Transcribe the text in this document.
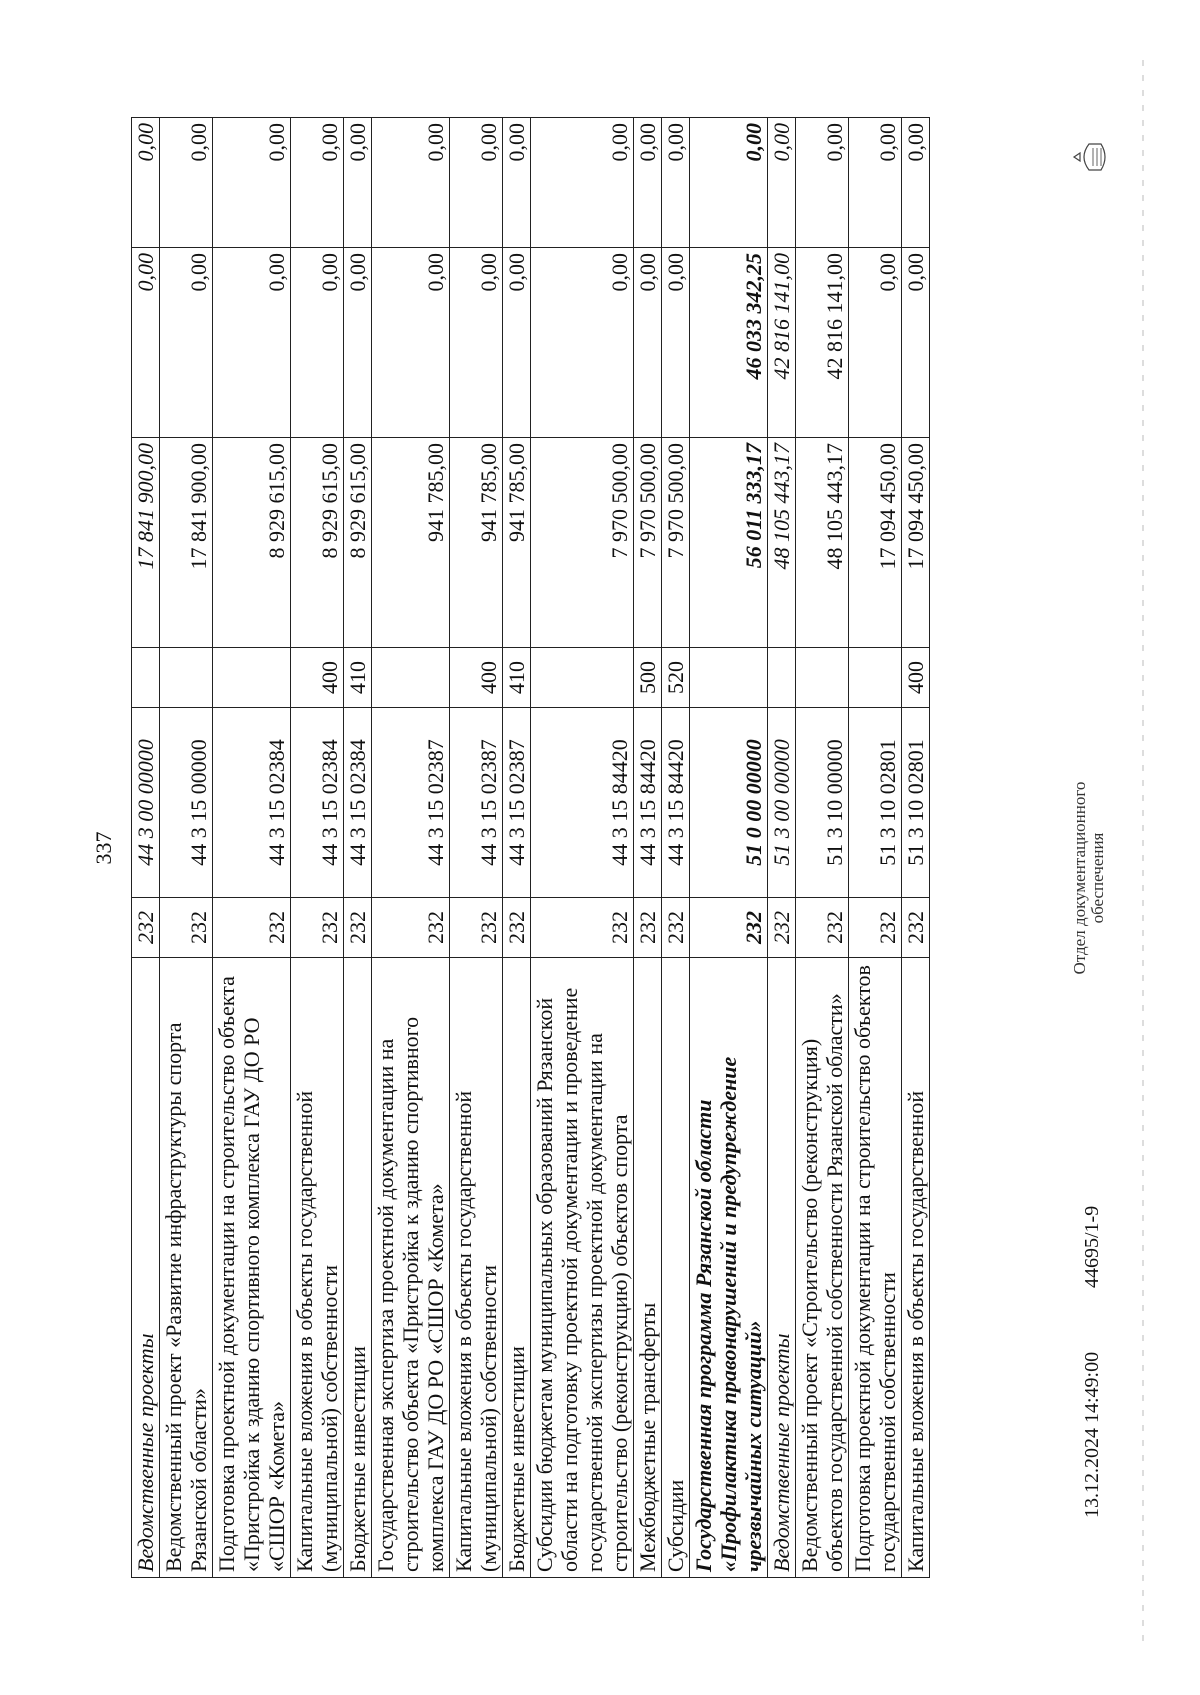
337
Ведомственные проекты	232	44 3 00 00000		17 841 900,00	0,00	0,00
Ведомственный проект «Развитие инфраструктуры спорта Рязанской области»	232	44 3 15 00000		17 841 900,00	0,00	0,00
Подготовка проектной документации на строительство объекта «Пристройка к зданию спортивного комплекса ГАУ ДО РО «СШОР «Комета»	232	44 3 15 02384		8 929 615,00	0,00	0,00
Капитальные вложения в объекты государственной (муниципальной) собственности	232	44 3 15 02384	400	8 929 615,00	0,00	0,00
Бюджетные инвестиции	232	44 3 15 02384	410	8 929 615,00	0,00	0,00
Государственная экспертиза проектной документации на строительство объекта «Пристройка к зданию спортивного комплекса ГАУ ДО РО «СШОР «Комета»	232	44 3 15 02387		941 785,00	0,00	0,00
Капитальные вложения в объекты государственной (муниципальной) собственности	232	44 3 15 02387	400	941 785,00	0,00	0,00
Бюджетные инвестиции	232	44 3 15 02387	410	941 785,00	0,00	0,00
Субсидии бюджетам муниципальных образований Рязанской области на подготовку проектной документации и проведение государственной экспертизы проектной документации на строительство (реконструкцию) объектов спорта	232	44 3 15 84420		7 970 500,00	0,00	0,00
Межбюджетные трансферты	232	44 3 15 84420	500	7 970 500,00	0,00	0,00
Субсидии	232	44 3 15 84420	520	7 970 500,00	0,00	0,00
Государственная программа Рязанской области «Профилактика правонарушений и предупреждение чрезвычайных ситуаций»	232	51 0 00 00000		56 011 333,17	46 033 342,25	0,00
Ведомственные проекты	232	51 3 00 00000		48 105 443,17	42 816 141,00	0,00
Ведомственный проект «Строительство (реконструкция) объектов государственной собственности Рязанской области»	232	51 3 10 00000		48 105 443,17	42 816 141,00	0,00
Подготовка проектной документации на строительство объектов государственной собственности	232	51 3 10 02801		17 094 450,00	0,00	0,00
Капитальные вложения в объекты государственной	232	51 3 10 02801	400	17 094 450,00	0,00	0,00
13.12.2024 14:49:00
44695/1-9
Отдел документационного обеспечения
